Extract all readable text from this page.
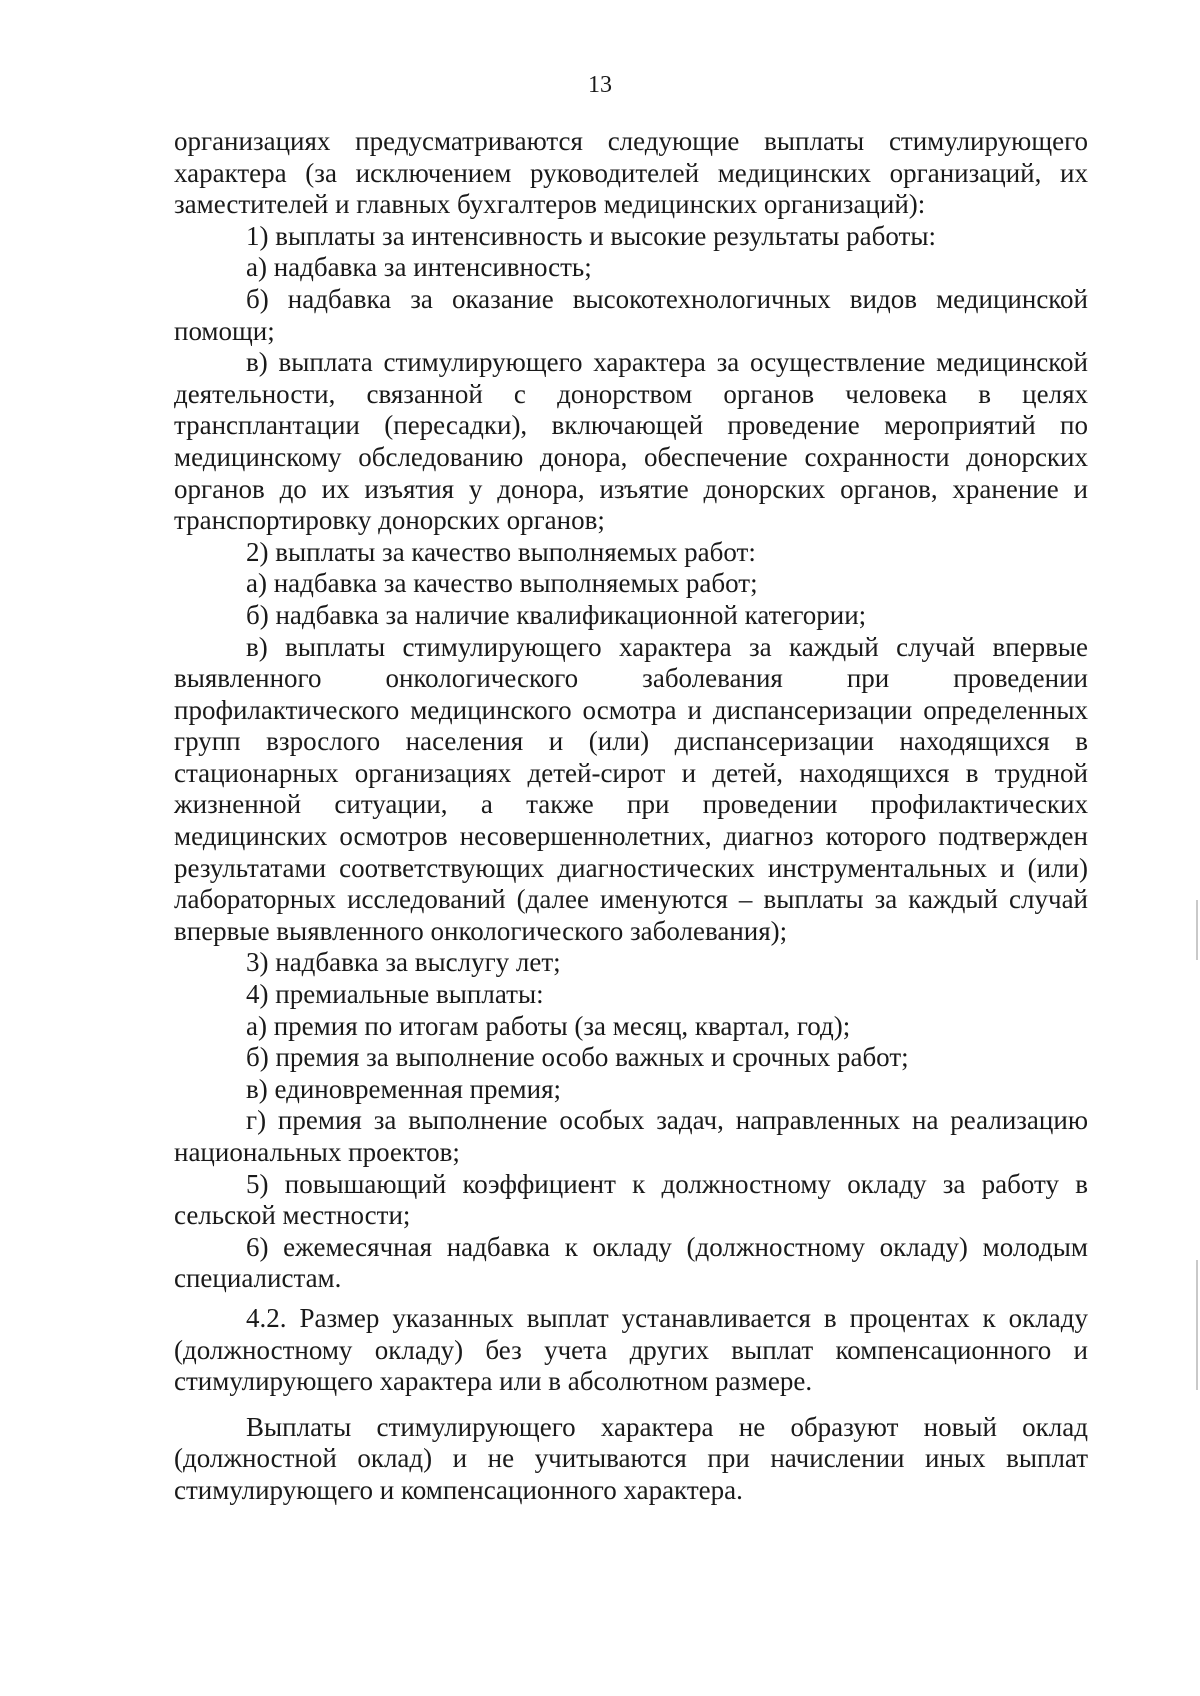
13

организациях предусматриваются следующие выплаты стимулирующего характера (за исключением руководителей медицинских организаций, их заместителей и главных бухгалтеров медицинских организаций):

1) выплаты за интенсивность и высокие результаты работы:

а) надбавка за интенсивность;

б) надбавка за оказание высокотехнологичных видов медицинской помощи;

в) выплата стимулирующего характера за осуществление медицинской деятельности, связанной с донорством органов человека в целях трансплантации (пересадки), включающей проведение мероприятий по медицинскому обследованию донора, обеспечение сохранности донорских органов до их изъятия у донора, изъятие донорских органов, хранение и транспортировку донорских органов;

2) выплаты за качество выполняемых работ:

а) надбавка за качество выполняемых работ;

б) надбавка за наличие квалификационной категории;

в) выплаты стимулирующего характера за каждый случай впервые выявленного онкологического заболевания при проведении профилактического медицинского осмотра и диспансеризации определенных групп взрослого населения и (или) диспансеризации находящихся в стационарных организациях детей-сирот и детей, находящихся в трудной жизненной ситуации, а также при проведении профилактических медицинских осмотров несовершеннолетних, диагноз которого подтвержден результатами соответствующих диагностических инструментальных и (или) лабораторных исследований (далее именуются – выплаты за каждый случай впервые выявленного онкологического заболевания);

3) надбавка за выслугу лет;

4) премиальные выплаты:

а) премия по итогам работы (за месяц, квартал, год);

б) премия за выполнение особо важных и срочных работ;

в) единовременная премия;

г) премия за выполнение особых задач, направленных на реализацию национальных проектов;

5) повышающий коэффициент к должностному окладу за работу в сельской местности;

6) ежемесячная надбавка к окладу (должностному окладу) молодым специалистам.

4.2. Размер указанных выплат устанавливается в процентах к окладу (должностному окладу) без учета других выплат компенсационного и стимулирующего характера или в абсолютном размере.

Выплаты стимулирующего характера не образуют новый оклад (должностной оклад) и не учитываются при начислении иных выплат стимулирующего и компенсационного характера.
